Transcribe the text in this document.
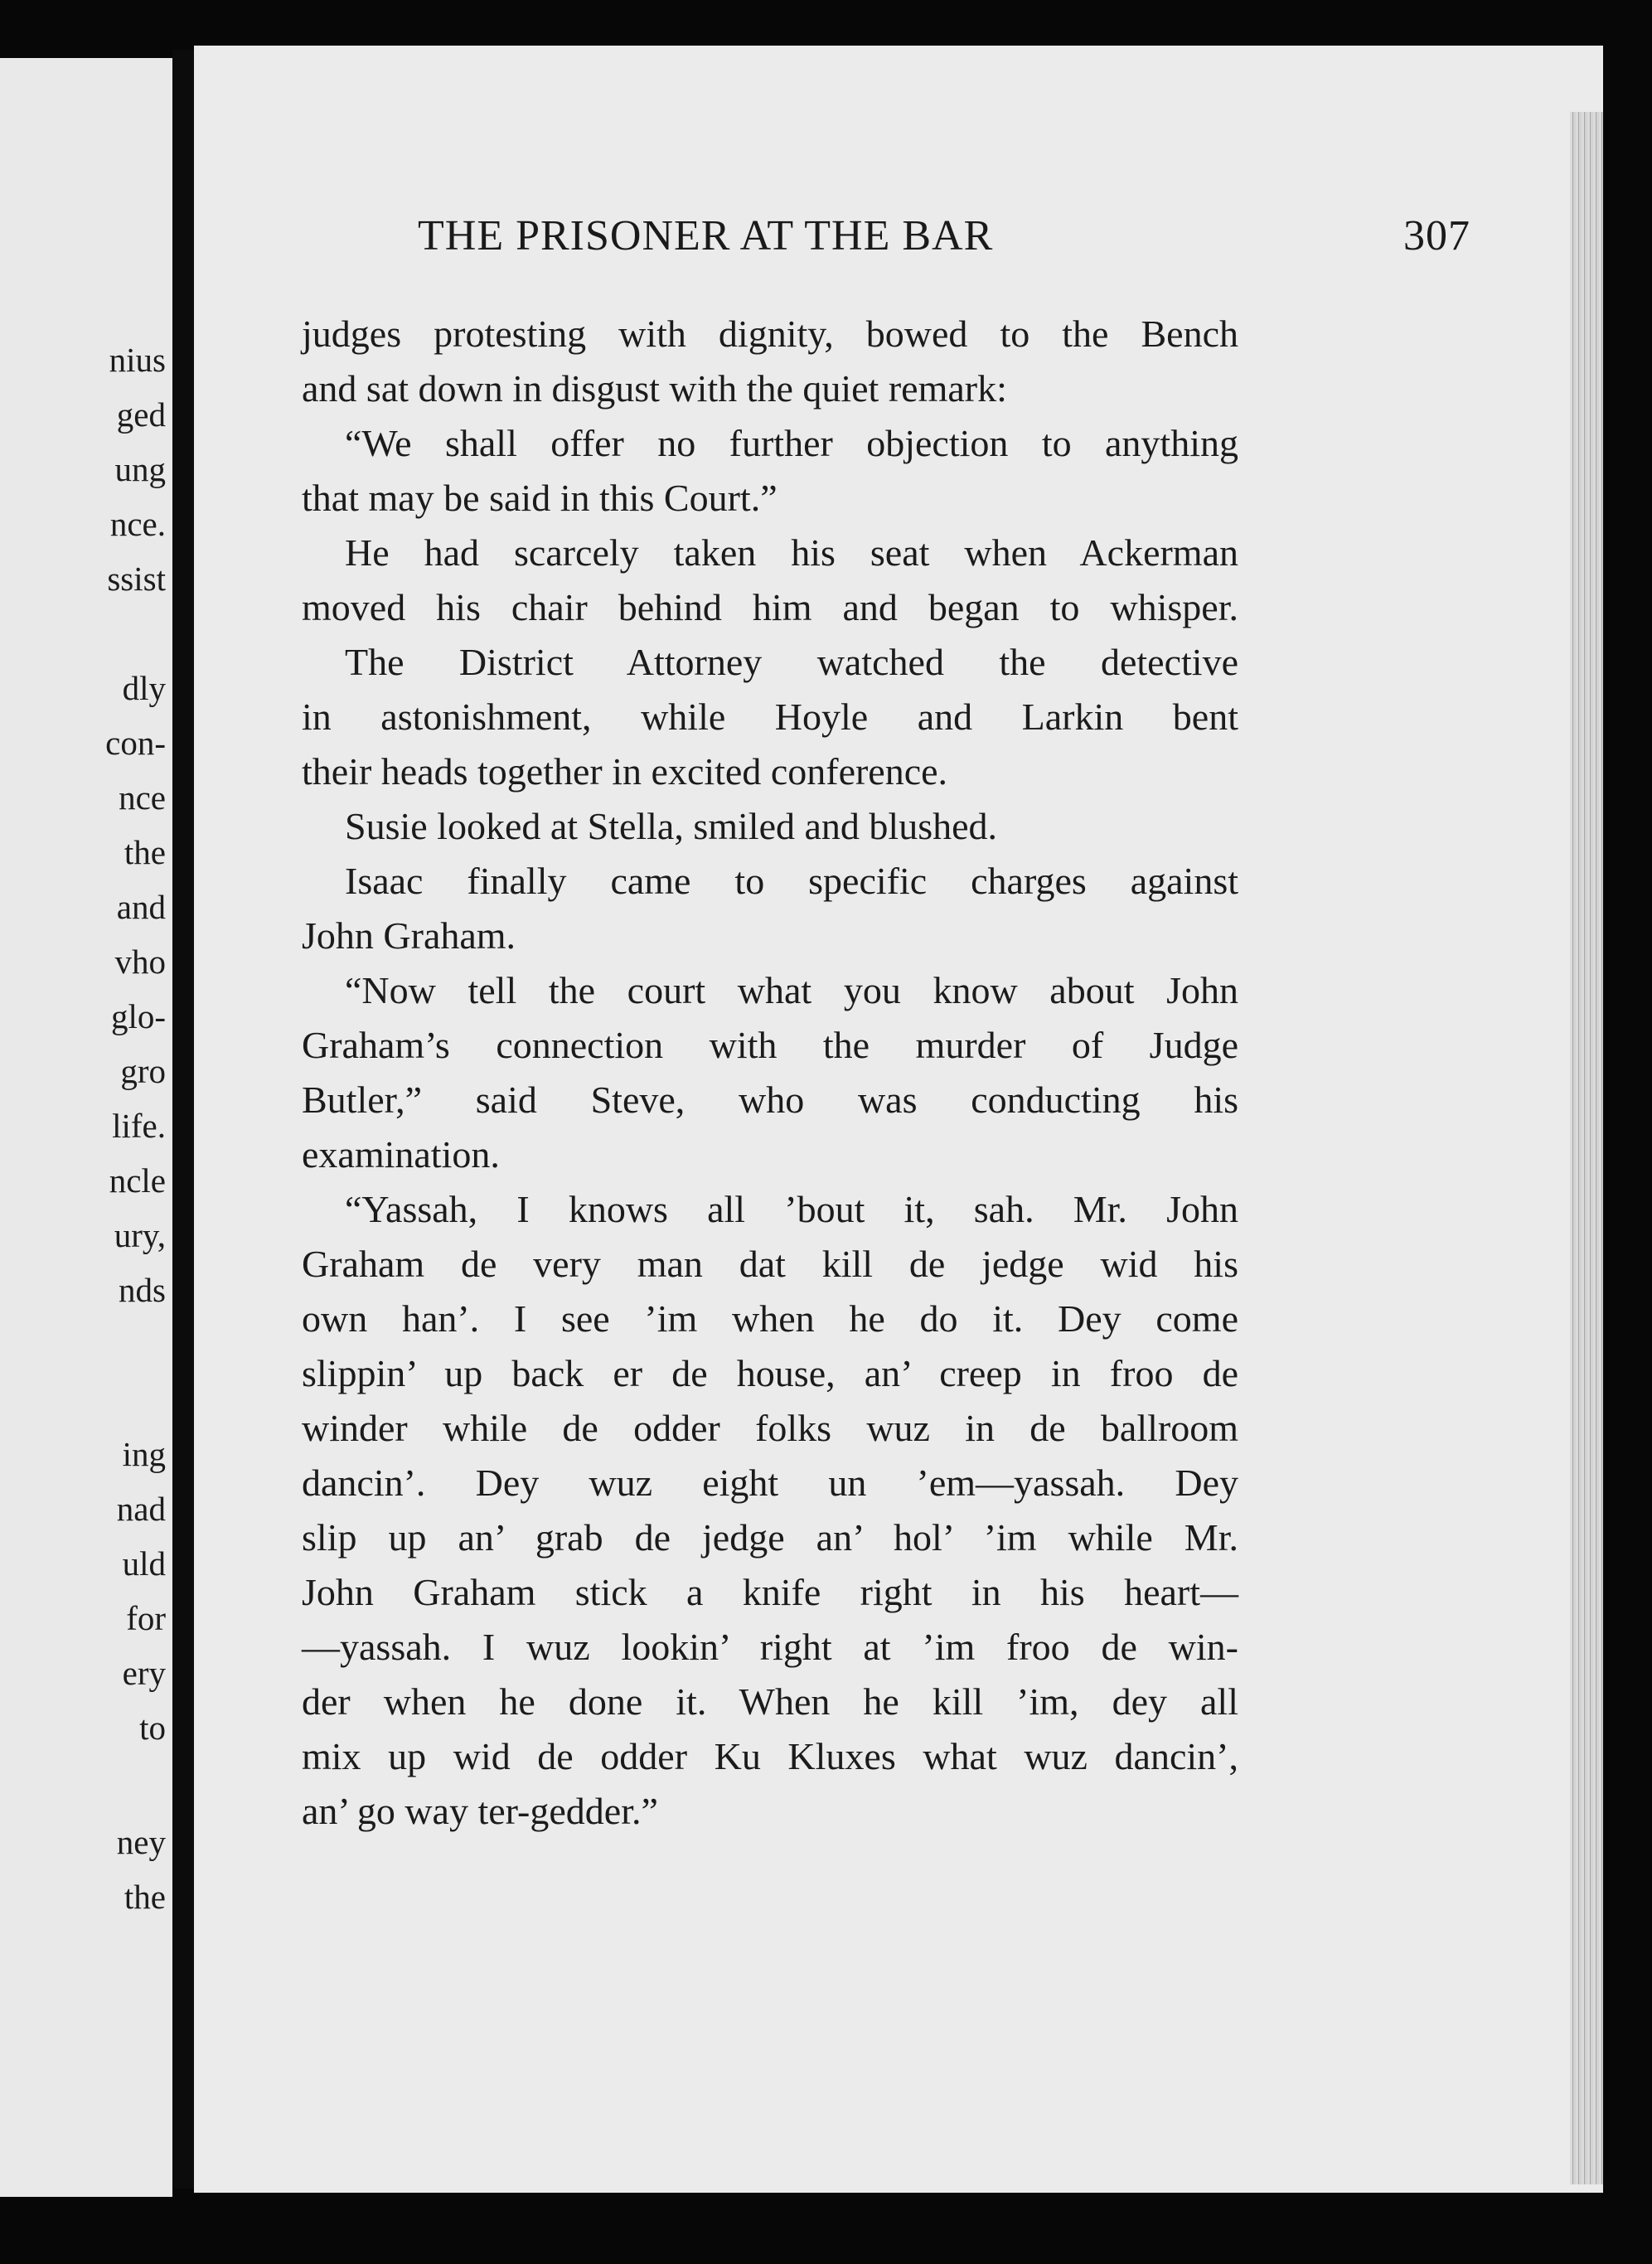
nius
ged
ung
nce.
ssist
dly
con-
nce
the
and
vho
glo-
gro
life.
ncle
ury,
nds
ing
nad
uld
for
ery
to
ney
the
THE PRISONER AT THE BAR	307
judges protesting with dignity, bowed to the Bench
and sat down in disgust with the quiet remark:
“We shall offer no further objection to anything
that may be said in this Court.”
He had scarcely taken his seat when Ackerman
moved his chair behind him and began to whisper.
The District Attorney watched the detective
in astonishment, while Hoyle and Larkin bent
their heads together in excited conference.
Susie looked at Stella, smiled and blushed.
Isaac finally came to specific charges against
John Graham.
“Now tell the court what you know about John
Graham’s connection with the murder of Judge
Butler,” said Steve, who was conducting his
examination.
“Yassah, I knows all ’bout it, sah. Mr. John
Graham de very man dat kill de jedge wid his
own han’. I see ’im when he do it. Dey come
slippin’ up back er de house, an’ creep in froo de
winder while de odder folks wuz in de ballroom
dancin’. Dey wuz eight un ’em—yassah. Dey
slip up an’ grab de jedge an’ hol’ ’im while Mr.
John Graham stick a knife right in his heart—
—yassah. I wuz lookin’ right at ’im froo de win-
der when he done it. When he kill ’im, dey all
mix up wid de odder Ku Kluxes what wuz dancin’,
an’ go way ter-gedder.”
